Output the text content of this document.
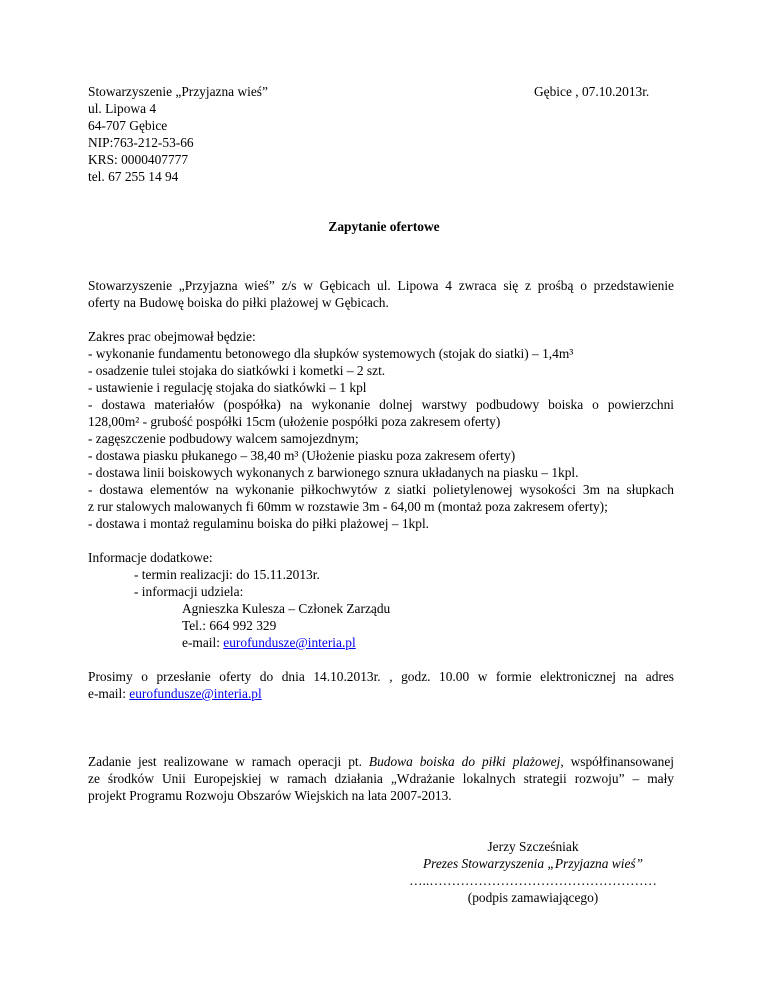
Stowarzyszenie „Przyjazna wieś”
ul. Lipowa 4
64-707 Gębice
NIP:763-212-53-66
KRS: 0000407777
tel. 67 255 14 94
Gębice , 07.10.2013r.
Zapytanie ofertowe
Stowarzyszenie „Przyjazna wieś” z/s w Gębicach ul. Lipowa 4 zwraca się z prośbą o przedstawienie
oferty na Budowę boiska do piłki plażowej w Gębicach.
Zakres prac obejmował będzie:
- wykonanie fundamentu betonowego dla słupków systemowych (stojak do siatki) – 1,4m³
- osadzenie tulei stojaka do siatkówki i kometki – 2 szt.
- ustawienie i regulację stojaka do siatkówki – 1 kpl
- dostawa materiałów (pospółka) na wykonanie dolnej warstwy podbudowy boiska o powierzchni
128,00m² - grubość pospółki 15cm (ułożenie pospółki poza zakresem oferty)
- zagęszczenie podbudowy walcem samojezdnym;
- dostawa piasku płukanego – 38,40 m³ (Ułożenie piasku poza zakresem oferty)
- dostawa linii boiskowych wykonanych z barwionego sznura układanych na piasku – 1kpl.
- dostawa elementów na wykonanie piłkochwytów z siatki polietylenowej wysokości 3m na słupkach
z rur stalowych malowanych fi 60mm w rozstawie 3m - 64,00 m (montaż poza zakresem oferty);
- dostawa i montaż regulaminu boiska do piłki plażowej – 1kpl.
Informacje dodatkowe:
- termin realizacji: do 15.11.2013r.
- informacji udziela:
Agnieszka Kulesza – Członek Zarządu
Tel.: 664 992 329
e-mail: eurofundusze@interia.pl
Prosimy o przesłanie oferty do dnia 14.10.2013r. , godz. 10.00 w formie elektronicznej na adres
e-mail: eurofundusze@interia.pl
Zadanie jest realizowane w ramach operacji pt. Budowa boiska do piłki plażowej, współfinansowanej
ze środków Unii Europejskiej w ramach działania „Wdrażanie lokalnych strategii rozwoju” – mały
projekt Programu Rozwoju Obszarów Wiejskich na lata 2007-2013.
Jerzy Szcześniak
Prezes Stowarzyszenia „Przyjazna wieś”
…..……………………………………………
(podpis zamawiającego)
